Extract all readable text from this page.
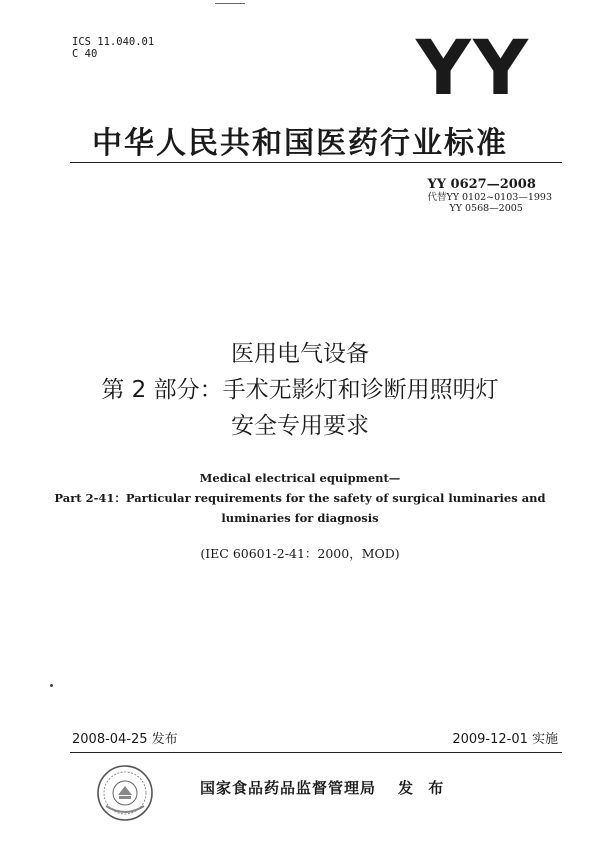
ICS 11.040.01
C 40	YY
中华人民共和国医药行业标准
YY 0627—2008
代替YY 0102~0103—1993
YY 0568—2005
医用电气设备
第 2 部分：手术无影灯和诊断用照明灯
安全专用要求
Medical electrical equipment—
Part 2-41：Particular requirements for the safety of surgical luminaries and
luminaries for diagnosis
(IEC 60601-2-41：2000，MOD)
2008-04-25 发布	2009-12-01 实施
国家食品药品监督管理局 发 布
